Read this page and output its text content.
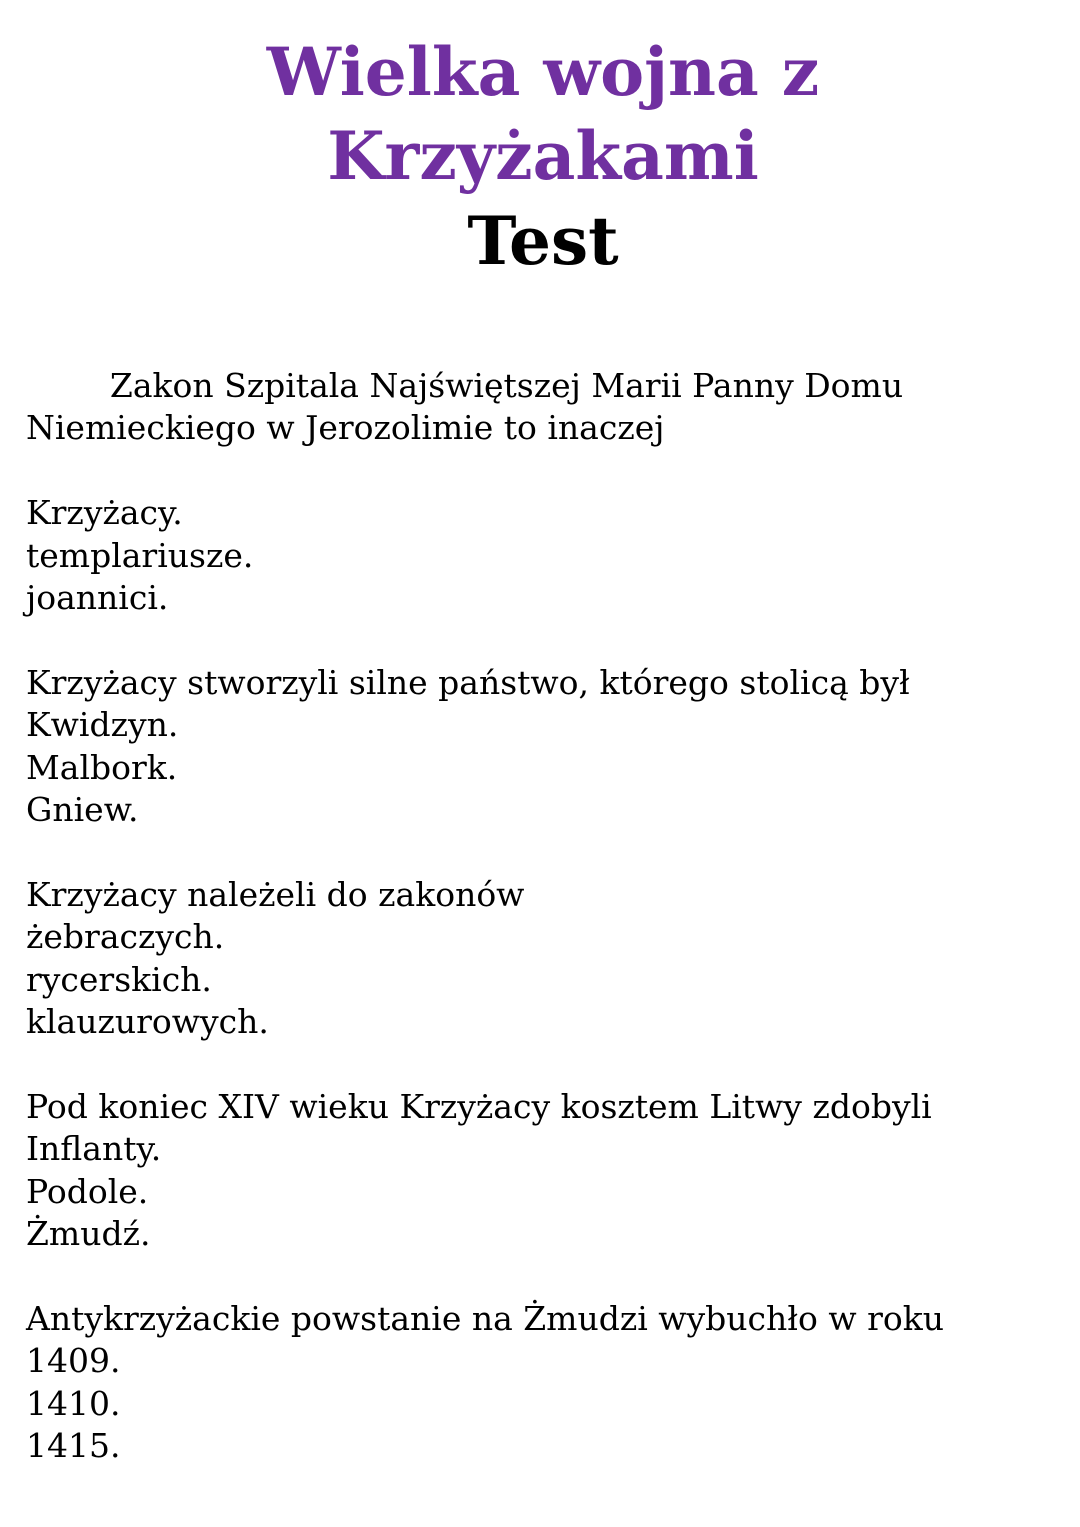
Wielka wojna z
Krzyżakami
Test

Zakon Szpitala Najświętszej Marii Panny Domu Niemieckiego w Jerozolimie to inaczej

Krzyżacy.
templariusze.
joannici.

Krzyżacy stworzyli silne państwo, którego stolicą był

Kwidzyn.
Malbork.
Gniew.

Krzyżacy należeli do zakonów

żebraczych.
rycerskich.
klauzurowych.

Pod koniec XIV wieku Krzyżacy kosztem Litwy zdobyli

Inflanty.
Podole.
Żmudź.

Antykrzyżackie powstanie na Żmudzi wybuchło w roku

1409.
1410.
1415.
